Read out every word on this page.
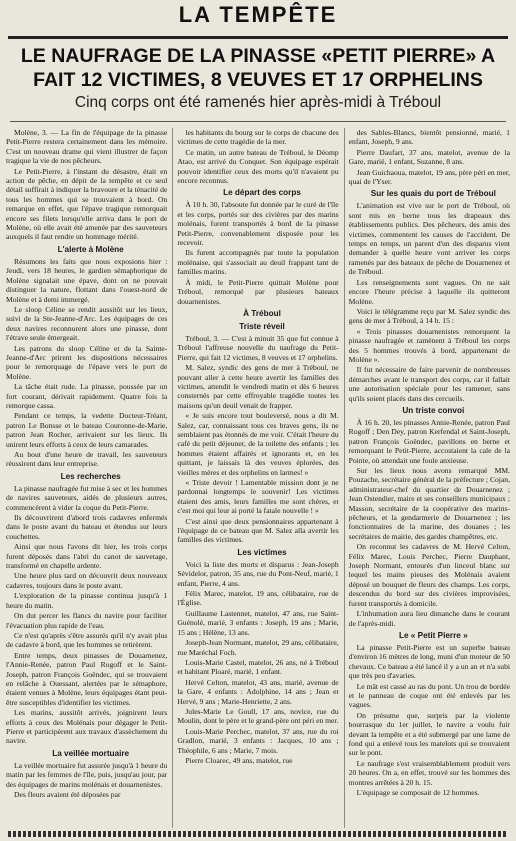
LA TEMPÊTE
LE NAUFRAGE DE LA PINASSE «PETIT PIERRE» A FAIT 12 VICTIMES, 8 VEUVES ET 17 ORPHELINS
Cinq corps ont été ramenés hier après-midi à Tréboul

Molène, 3. — La fin de l'équipage de la pinasse Petit-Pierre restera certainement dans les mémoire. C'est un nouveau drame qui vient illustrer de façon tragique la vie de nos pêcheurs.

Le Petit-Pierre, à l'instant du désastre, était en action de pêche, en dépit de la tempête et ce seul détail suffirait à indiquer la bravoure et la ténacité de tous les hommes qui se trouvaient à bord. On remarque en effet, que l'épave tragique remorquait encore ses filets lorsqu'elle arriva dans le port de Molène, où elle avait été amenée par des sauveteurs auxquels il faut rendre un hommage mérité.

L'alerte à Molène

Résumons les faits que nous exposions hier : Jeudi, vers 18 heures, le gardien sémaphorique de Molène signalait une épave, dont on ne pouvait distinguer la nature, flottant dans l'ouest-nord de Molène et à demi immergé.

Le sloop Céline se rendit aussitôt sur les lieux, suivi de la Ste-Jeanne-d'Arc. Les équipages de ces deux navires reconnurent alors une pinasse, dont l'étrave seule émergeait.

Les patrons du sloop Céline et de la Sainte-Jeanne-d'Arc prirent les dispositions nécessaires pour le remorquage de l'épave vers le port de Molène.

La tâche était rude. La pinasse, poussée par un fort courant, dérivait rapidement. Quatre fois la remorque cassa.

Pendant ce temps, la vedette Docteur-Tréant, patron Le Bonsse et le bateau Couronne-de-Marie, patron Jean Rocher, arrivaient sur les lieux. Ils unirent leurs efforts à ceux de leurs camarades.

Au bout d'une heure de travail, les sauveteurs réussirent dans leur entreprise.

Les recherches

La pinasse naufragée fut mise à sec et les hommes de navires sauveteurs, aidés de plusieurs autres, commencèrent à vider la coque du Petit-Pierre.

Ils découvrirent d'abord trois cadavres enfermés dans le poste avant du bateau et étendus sur leurs couchettes.

Ainsi que nous l'avons dit hier, les trois corps furent déposés dans l'abri du canot de sauvetage, transformé en chapelle ardente.

Une heure plus tard on découvrit deux nouveaux cadavres, toujours dans le poste avant.

L'exploration de la pinasse continua jusqu'à 1 heure du matin.

On dut percer les flancs du navire pour faciliter l'évacuation plus rapide de l'eau.

Ce n'est qu'après s'être assurés qu'il n'y avait plus de cadavre à bord, que les hommes se retirèrent.

Entre temps, deux pinasses de Douarnenez, l'Annie-Renée, patron Paul Rogoff et le Saint-Joseph, patron François Goëndec, qui se trouvaient en relâche à Ouessant, alertées par le sémaphore, étaient venues à Molène, leurs équipages étant peut-être susceptibles d'identifier les victimes.

Les marins, aussitôt arrivés, joignirent leurs efforts à ceux des Molénais pour dégager le Petit-Pierre et participèrent aux travaux d'assèchement du navire.

La veillée mortuaire

La veillée mortuaire fut assurée jusqu'à 1 heure du matin par les femmes de l'île, puis, jusqu'au jour, par des équipages de marins molénais et douarnenistes.

Des fleurs avaient été déposées par

les habitants du bourg sur le corps de chacune des victimes de cette tragédie de la mer.

Ce matin, un autre bateau de Tréboul, le Déomp Atao, est arrivé du Conquet. Son équipage espérait pouvoir identifier ceux des morts qu'il n'avaient pu encore reconnus.

Le départ des corps

À 10 h. 30, l'absoute fut donnée par le curé de l'île et les corps, portés sur des civières par des marins molénais, furent transportés à bord de la pinasse Petit-Pierre, convenablement disposée pour les recevoir.

Ils furent accompagnés par toute la population molénaise, qui s'associait au deuil frappant tant de familles marins.

À midi, le Petit-Pierre quittait Molène pour Tréboul, remorqué par plusieurs bateaux douarnenistes.

À Tréboul

Triste réveil

Tréboul, 3. — C'est à minuit 35 que fut connue à Tréboul l'affreuse nouvelle du naufrage du Petit-Pierre, qui fait 12 victimes, 8 veuves et 17 orphelins.

M. Salez, syndic des gens de mer à Tréboul, ne pouvant aller à cette heure avertir les familles des victimes, attendit le vendredi matin et dès 6 heures consternés par cette effroyable tragédie toutes les maisons qu'un deuil venait de frapper.

« Je suis encore tout bouleversé, nous a dit M. Salez, car, connaissant tous ces braves gens, ils ne semblaient pas étonnés de me voir. C'était l'heure du café du petit déjeuner, de la toilette des enfants ; les hommes étaient affairés et ignorants et, en les quittant, je laissais là des veuves éplorées, des vieilles mères et des orphelins en larmes! »

« Triste devoir ! Lamentable mission dont je ne pardonnai longtemps le souvenir! Les victimes étaient des amis, leurs familles me sont chères, et c'est moi qui leur ai porté la fatale nouvelle ! »

C'est ainsi que deux pensionnaires appartenant à l'équipage de ce bateau que M. Salez alla avertir les familles des victimes.

Les victimes

Voici la liste des morts et disparus : Jean-Joseph Sévidelor, patron, 35 ans, rue du Pont-Neuf, marié, 1 enfant, Pierre, 4 ans.

Félix Marec, matelot, 19 ans, célibataire, rue de l'Église.

Guillaume Lastennet, matelot, 47 ans, rue Saint-Guénolé, marié, 3 enfants : Joseph, 19 ans ; Marie, 15 ans ; Hélène, 13 ans.

Joseph-Jean Normant, matelot, 29 ans, célibataire, rue Maréchal Foch.

Louis-Marie Castel, matelot, 26 ans, né à Tréboul et habitant Ploaré, marié, 1 enfant.

Hervé Celton, matelot, 43 ans, marié, avenue de la Gare, 4 enfants : Adolphine, 14 ans ; Jean et Hervé, 9 ans ; Marie-Henriette, 2 ans.

Jules-Marie Le Goull, 17 ans, novice, rue du Moulin, dont le père et le grand-père ont péri en mer.

Louis-Marie Perchec, matelot, 37 ans, rue du roi Gradlon, marié, 3 enfants : Jacques, 10 ans ; Théophile, 6 ans ; Marie, 7 mois.

Pierre Cloarec, 49 ans, matelot, rue

des Sables-Blancs, bientôt pensionné, marié, 1 enfant, Joseph, 9 ans.

Pierre Daufart, 37 ans, matelot, avenue de la Gare, marié, 1 enfant, Suzanne, 8 ans.

Jean Guichaoua, matelot, 19 ans, père péri en mer, quai de l'Yser.

Sur les quais du port de Tréboul

L'animation est vive sur le port de Tréboul, où sont mis en berne tous les drapeaux des établissements publics. Des pêcheurs, des amis des victimes, commentent les causes de l'accident. De temps en temps, un parent d'un des disparus vient demander à quelle heure vont arriver les corps ramenés par des bateaux de pêche de Douarnenez et de Tréboul.

Les renseignements sont vagues. On ne sait encore l'heure précise à laquelle ils quitteront Molène.

Voici le télégramme reçu par M. Salez syndic des gens de mer à Tréboul, à 14 h. 15 :

« Trois pinasses douarnenistes remorquent la pinasse naufragée et ramènent à Tréboul les corps des 5 hommes trouvés à bord, appartenant de Molène ».

Il fut nécessaire de faire parvenir de nombreuses démarches avant le transport des corps, car il fallait une autorisation spéciale pour les ramener, sans qu'ils soient placés dans des cercueils.

Un triste convoi

À 16 h. 20, les pinasses Annie-Renée, patron Paul Rogoff ; Den Dey, patron Kerfendal et Saint-Joseph, patron François Goëndec, pavillons en berne et remorquant le Petit-Pierre, accostaient la cale de la Pointe, où attendait une foule anxieuse.

Sur les lieux nous avons remarqué MM. Pouzache, secrétaire général de la préfecture ; Cojan, administrateur-chef du quartier de Douarnenez ; Jean Ostendier, maire et ses conseillers municipaux ; Masson, secrétaire de la coopérative des marins-pêcheurs, et la gendarmerie de Douarnenez ; les fonctionnaires de la marine, des douanes ; les secrétaires de mairie, des gardes champêtres, etc.

On reconnut les cadavres de M. Hervé Celton, Félix Marec, Louis Perchec, Pierre Dauphant, Joseph Normant, entourés d'un linceul blanc sur lequel les mains pieuses des Molénais avaient déposé un bouquet de fleurs des champs. Les corps, descendus du bord sur des civières improvisées, furent transportés à domicile.

L'inhumation aura lieu dimanche dans le courant de l'après-midi.

Le « Petit Pierre »

La pinasse Petit-Pierre est un superbe bateau d'environ 16 mètres de long, muni d'un moteur de 50 chevaux. Ce bateau a été lancé il y a un an et n'a subi que très peu d'avaries.

Le mât est cassé au ras du pont. Un trou de bordée et le panneau de coque ont été enlevés par les vagues.

On présume que, surpris par la violente bourrasque du 1er juillet, le navire a voulu fuir devant la tempête et a été submergé par une lame de fond qui a enlevé tous les matelots qui se trouvaient sur le pont.

Le naufrage s'est vraisemblablement produit vers 20 heures. On a, en effet, trouvé sur les hommes des montres arrêtées à 20 h. 15.

L'équipage se composait de 12 hommes.
